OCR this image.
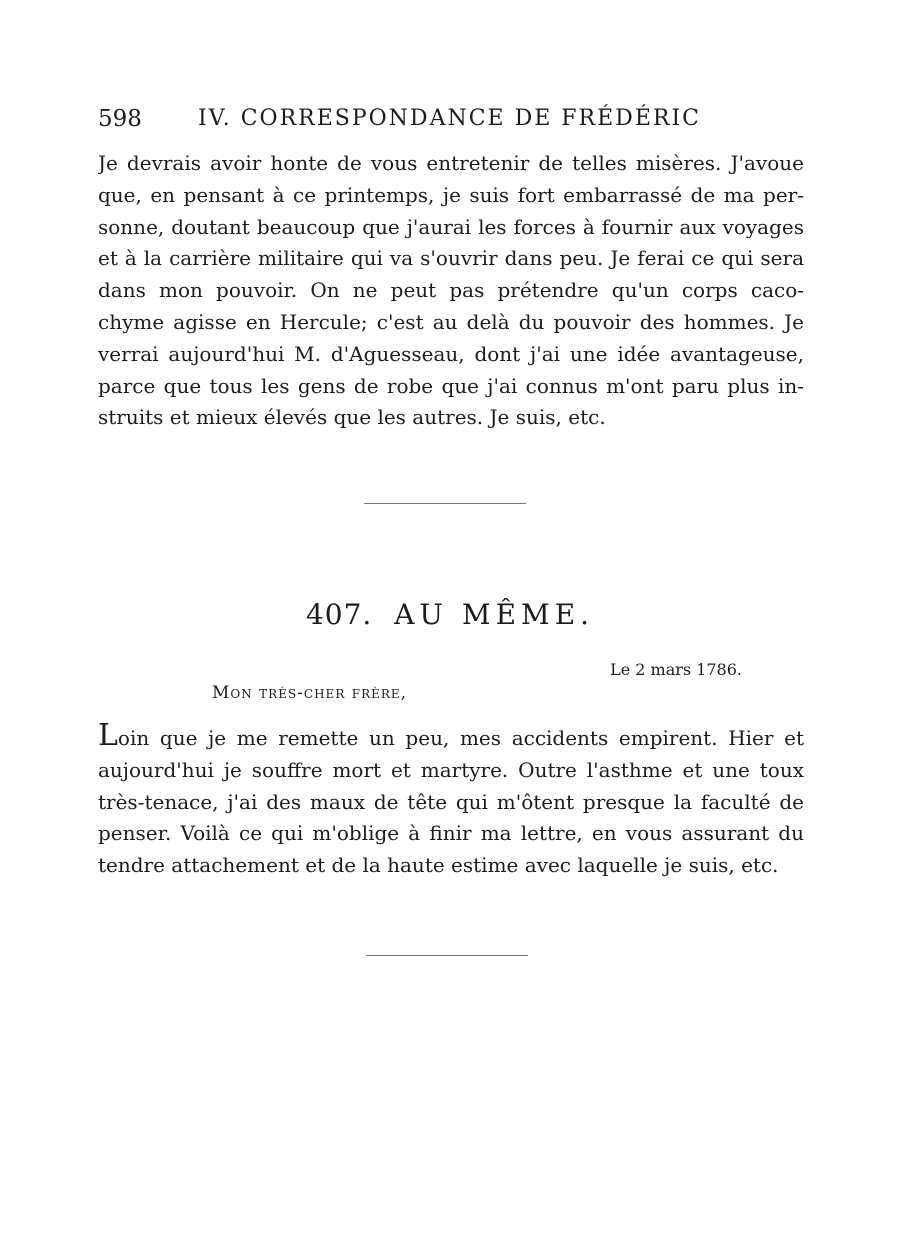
598	IV. CORRESPONDANCE DE FRÉDÉRIC
Je devrais avoir honte de vous entretenir de telles misères. J'avoue
que, en pensant à ce printemps, je suis fort embarrassé de ma per-
sonne, doutant beaucoup que j'aurai les forces à fournir aux voyages
et à la carrière militaire qui va s'ouvrir dans peu. Je ferai ce qui sera
dans mon pouvoir. On ne peut pas prétendre qu'un corps caco-
chyme agisse en Hercule; c'est au delà du pouvoir des hommes. Je
verrai aujourd'hui M. d'Aguesseau, dont j'ai une idée avantageuse,
parce que tous les gens de robe que j'ai connus m'ont paru plus in-
struits et mieux élevés que les autres. Je suis, etc.
407. AU MÊME.
Le 2 mars 1786.
Mon très-cher frère,
Loin que je me remette un peu, mes accidents empirent. Hier et
aujourd'hui je souffre mort et martyre. Outre l'asthme et une toux
très-tenace, j'ai des maux de tête qui m'ôtent presque la faculté de
penser. Voilà ce qui m'oblige à finir ma lettre, en vous assurant du
tendre attachement et de la haute estime avec laquelle je suis, etc.
